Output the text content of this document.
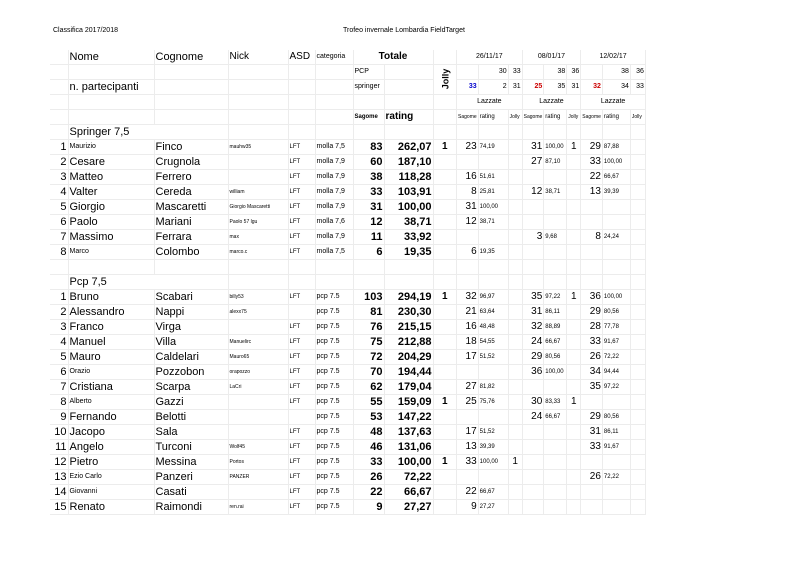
Classifica 2017/2018	Trofeo invernale Lombardia FieldTarget
	Nome	Cognome	Nick	ASD	categoria	Totale			26/11/17			08/01/17			12/02/17		
						PCP		Jolly		30	33		38	36		38	36
	n. partecipanti					springer			33	2	31	25	35	31	32	34	33
									Lazzate			Lazzate			Lazzate		
						Sagome	rating		Sagome	rating	Jolly	Sagome	rating	Jolly	Sagome	rating	Jolly
	Springer 7,5																
1	Maurizio	Finco	mauhw35	LFT	molla 7,5	83	262,07	1	23	74,19		31	100,00	1	29	87,88	
2	Cesare	Crugnola		LFT	molla 7,9	60	187,10					27	87,10		33	100,00	
3	Matteo	Ferrero		LFT	molla 7,9	38	118,28		16	51,61					22	66,67	
4	Valter	Cereda	william	LFT	molla 7,9	33	103,91		8	25,81		12	38,71		13	39,39	
5	Giorgio	Mascaretti	Giorgio Mascaretti	LFT	molla 7,9	31	100,00		31	100,00							
6	Paolo	Mariani	Paolo 57 lgu	LFT	molla 7,6	12	38,71		12	38,71							
7	Massimo	Ferrara	max	LFT	molla 7,9	11	33,92					3	9,68		8	24,24	
8	Marco	Colombo	marco.c	LFT	molla 7,5	6	19,35		6	19,35							

	Pcp 7,5																
1	Bruno	Scabari	billy53	LFT	pcp 7.5	103	294,19	1	32	96,97		35	97,22	1	36	100,00	
2	Alessandro	Nappi	alexx75		pcp 7.5	81	230,30		21	63,64		31	86,11		29	80,56	
3	Franco	Virga		LFT	pcp 7.5	76	215,15		16	48,48		32	88,89		28	77,78	
4	Manuel	Villa	Manuelirc	LFT	pcp 7.5	75	212,88		18	54,55		24	66,67		33	91,67	
5	Mauro	Caldelari	Mauro65	LFT	pcp 7.5	72	204,29		17	51,52		29	80,56		26	72,22	
6	Orazio	Pozzobon	orapozzo	LFT	pcp 7.5	70	194,44					36	100,00		34	94,44	
7	Cristiana	Scarpa	LaCri	LFT	pcp 7.5	62	179,04		27	81,82					35	97,22	
8	Alberto	Gazzi		LFT	pcp 7.5	55	159,09	1	25	75,76		30	83,33	1			
9	Fernando	Belotti			pcp 7.5	53	147,22					24	66,67		29	80,56	
10	Jacopo	Sala		LFT	pcp 7.5	48	137,63		17	51,52					31	86,11	
11	Angelo	Turconi	Wolf45	LFT	pcp 7.5	46	131,06		13	39,39					33	91,67	
12	Pietro	Messina	Portos	LFT	pcp 7.5	33	100,00	1	33	100,00	1						
13	Ezio Carlo	Panzeri	PANZER	LFT	pcp 7.5	26	72,22								26	72,22	
14	Giovanni	Casati		LFT	pcp 7.5	22	66,67		22	66,67							
15	Renato	Raimondi	ren.rai	LFT	pcp 7.5	9	27,27		9	27,27							
